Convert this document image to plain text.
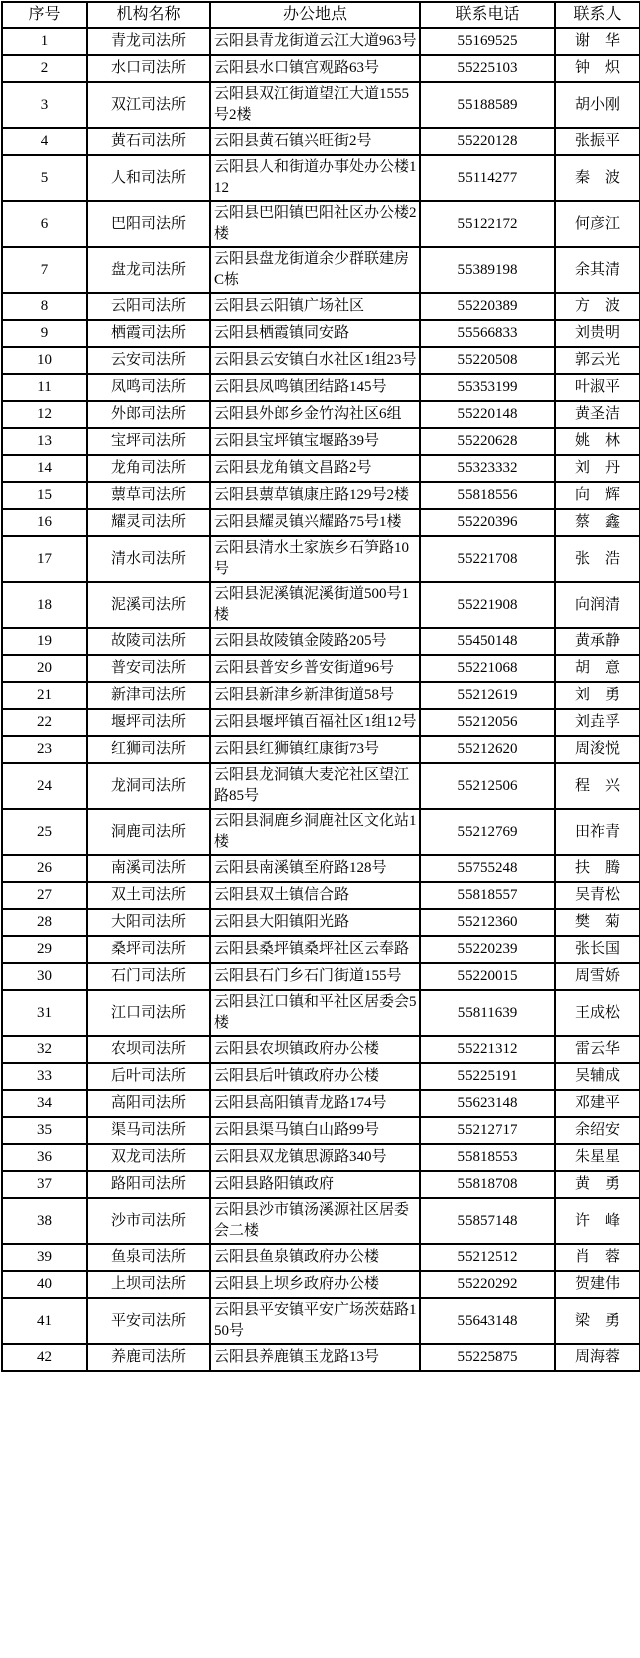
序号	机构名称	办公地点	联系电话	联系人
1	青龙司法所	云阳县青龙街道云江大道963号	55169525	谢　华
2	水口司法所	云阳县水口镇宫观路63号	55225103	钟　炽
3	双江司法所	云阳县双江街道望江大道1555号2楼	55188589	胡小刚
4	黄石司法所	云阳县黄石镇兴旺街2号	55220128	张振平
5	人和司法所	云阳县人和街道办事处办公楼112	55114277	秦　波
6	巴阳司法所	云阳县巴阳镇巴阳社区办公楼2楼	55122172	何彦江
7	盘龙司法所	云阳县盘龙街道余少群联建房C栋	55389198	余其清
8	云阳司法所	云阳县云阳镇广场社区	55220389	方　波
9	栖霞司法所	云阳县栖霞镇同安路	55566833	刘贵明
10	云安司法所	云阳县云安镇白水社区1组23号	55220508	郭云光
11	凤鸣司法所	云阳县凤鸣镇团结路145号	55353199	叶淑平
12	外郎司法所	云阳县外郎乡金竹沟社区6组	55220148	黄圣洁
13	宝坪司法所	云阳县宝坪镇宝堰路39号	55220628	姚　林
14	龙角司法所	云阳县龙角镇文昌路2号	55323332	刘　丹
15	蔈草司法所	云阳县蔈草镇康庄路129号2楼	55818556	向　辉
16	耀灵司法所	云阳县耀灵镇兴耀路75号1楼	55220396	蔡　鑫
17	清水司法所	云阳县清水土家族乡石笋路10号	55221708	张　浩
18	泥溪司法所	云阳县泥溪镇泥溪街道500号1楼	55221908	向润清
19	故陵司法所	云阳县故陵镇金陵路205号	55450148	黄承静
20	普安司法所	云阳县普安乡普安街道96号	55221068	胡　意
21	新津司法所	云阳县新津乡新津街道58号	55212619	刘　勇
22	堰坪司法所	云阳县堰坪镇百福社区1组12号	55212056	刘垚孚
23	红狮司法所	云阳县红狮镇红康街73号	55212620	周浚悦
24	龙洞司法所	云阳县龙洞镇大麦沱社区望江路85号	55212506	程　兴
25	洞鹿司法所	云阳县洞鹿乡洞鹿社区文化站1楼	55212769	田祚青
26	南溪司法所	云阳县南溪镇至府路128号	55755248	扶　腾
27	双土司法所	云阳县双土镇信合路	55818557	吴青松
28	大阳司法所	云阳县大阳镇阳光路	55212360	樊　菊
29	桑坪司法所	云阳县桑坪镇桑坪社区云奉路	55220239	张长国
30	石门司法所	云阳县石门乡石门街道155号	55220015	周雪娇
31	江口司法所	云阳县江口镇和平社区居委会5楼	55811639	王成松
32	农坝司法所	云阳县农坝镇政府办公楼	55221312	雷云华
33	后叶司法所	云阳县后叶镇政府办公楼	55225191	吴辅成
34	高阳司法所	云阳县高阳镇青龙路174号	55623148	邓建平
35	渠马司法所	云阳县渠马镇白山路99号	55212717	余绍安
36	双龙司法所	云阳县双龙镇思源路340号	55818553	朱星星
37	路阳司法所	云阳县路阳镇政府	55818708	黄　勇
38	沙市司法所	云阳县沙市镇汤溪源社区居委会二楼	55857148	许　峰
39	鱼泉司法所	云阳县鱼泉镇政府办公楼	55212512	肖　蓉
40	上坝司法所	云阳县上坝乡政府办公楼	55220292	贺建伟
41	平安司法所	云阳县平安镇平安广场茨菇路150号	55643148	梁　勇
42	养鹿司法所	云阳县养鹿镇玉龙路13号	55225875	周海蓉
